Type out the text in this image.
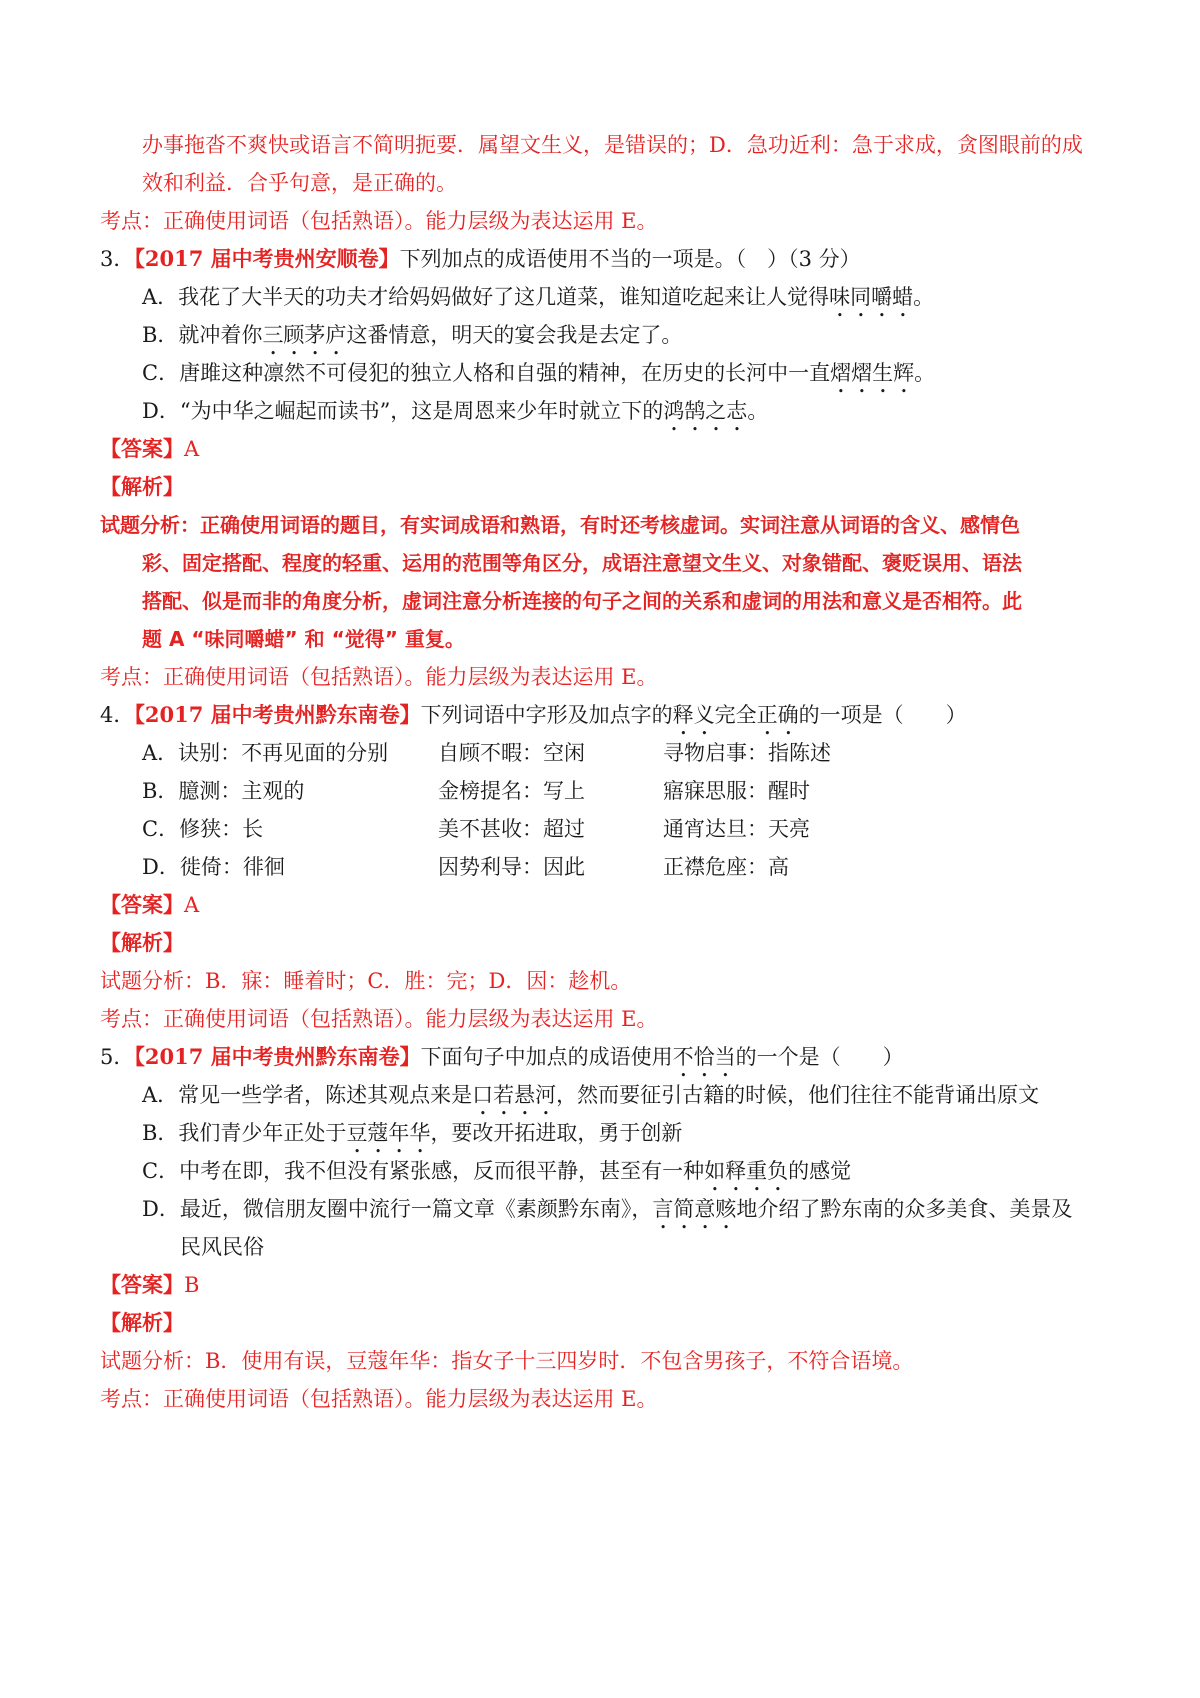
办事拖沓不爽快或语言不简明扼要．属望文生义，是错误的；D．急功近利：急于求成，贪图眼前的成
效和利益．合乎句意，是正确的。
考点：正确使用词语（包括熟语）。能力层级为表达运用 E。
3．【2017 届中考贵州安顺卷】下列加点的成语使用不当的一项是。（　）（3 分）
A．我花了大半天的功夫才给妈妈做好了这几道菜，谁知道吃起来让人觉得味同嚼蜡。
B．就冲着你三顾茅庐这番情意，明天的宴会我是去定了。
C．唐雎这种凛然不可侵犯的独立人格和自强的精神，在历史的长河中一直熠熠生辉。
D．“为中华之崛起而读书”，这是周恩来少年时就立下的鸿鹄之志。
【答案】A
【解析】
试题分析：正确使用词语的题目，有实词成语和熟语，有时还考核虚词。实词注意从词语的含义、感情色
彩、固定搭配、程度的轻重、运用的范围等角区分，成语注意望文生义、对象错配、褒贬误用、语法
搭配、似是而非的角度分析，虚词注意分析连接的句子之间的关系和虚词的用法和意义是否相符。此
题 A “味同嚼蜡” 和 “觉得” 重复。
考点：正确使用词语（包括熟语）。能力层级为表达运用 E。
4．【2017 届中考贵州黔东南卷】下列词语中字形及加点字的释义完全正确的一项是（　　）
A．诀别：不再见面的分别 自顾不暇：空闲	寻物启事：指陈述
B．臆测：主观的	金榜提名：写上	寤寐思服：醒时
C．修狭：长	美不甚收：超过	通宵达旦：天亮
D．徙倚：徘徊	因势利导：因此	正襟危座：高
【答案】A
【解析】
试题分析：B．寐：睡着时；C．胜：完；D．因：趁机。
考点：正确使用词语（包括熟语）。能力层级为表达运用 E。
5．【2017 届中考贵州黔东南卷】下面句子中加点的成语使用不恰当的一个是（　　）
A．常见一些学者，陈述其观点来是口若悬河，然而要征引古籍的时候，他们往往不能背诵出原文
B．我们青少年正处于豆蔻年华，要改开拓进取，勇于创新
C．中考在即，我不但没有紧张感，反而很平静，甚至有一种如释重负的感觉
D．最近，微信朋友圈中流行一篇文章《素颜黔东南》，言简意赅地介绍了黔东南的众多美食、美景及
民风民俗
【答案】B
【解析】
试题分析：B．使用有误，豆蔻年华：指女子十三四岁时．不包含男孩子，不符合语境。
考点：正确使用词语（包括熟语）。能力层级为表达运用 E。
